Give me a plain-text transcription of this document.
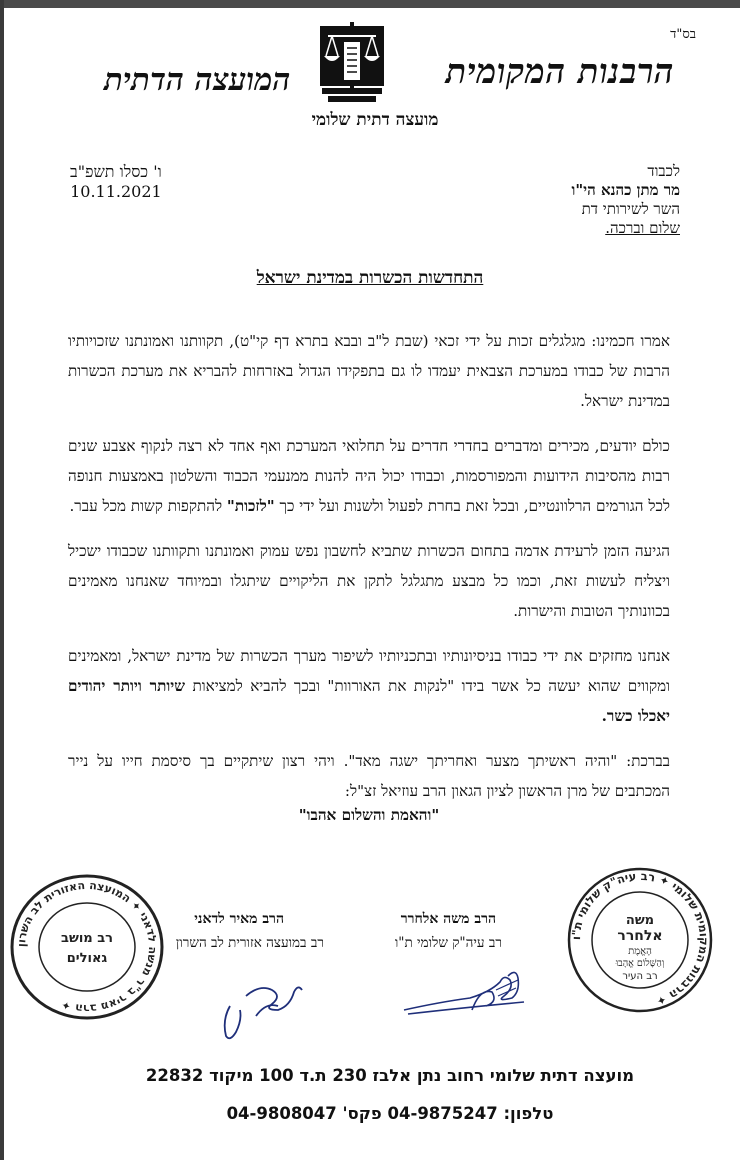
בס"ד
הרבנות המקומית
המועצה הדתית
מועצה דתית שלומי
לכבוד
מר מתן כהנא הי"ו
השר לשירותי דת
שלום וברכה.
ו' כסלו תשפ"ב
10.11.2021
התחדשות הכשרות במדינת ישראל

אמרו חכמינו: מגלגלים זכות על ידי זכאי (שבת ל"ב ובבא בתרא דף קי"ט), תקוותנו ואמונתנו שזכויותיו הרבות של כבודו במערכת הצבאית יעמדו לו גם בתפקידו הגדול באזרחות להבריא את מערכת הכשרות במדינת ישראל.

כולם יודעים, מכירים ומדברים בחדרי חדרים על תחלואי המערכת ואף אחד לא רצה לנקוף אצבע שנים רבות מהסיבות הידועות והמפורסמות, וכבודו יכול היה להנות ממנעמי הכבוד והשלטון באמצעות חנופה לכל הגורמים הרלוונטיים, ובכל זאת בחרת לפעול ולשנות ועל ידי כך "לזכות" להתקפות קשות מכל עבר.

הגיעה הזמן לרעידת אדמה בתחום הכשרות שתביא לחשבון נפש עמוק ואמונתנו ותקוותנו שכבודו ישכיל ויצליח לעשות זאת, וכמו כל מבצע מתגלגל לתקן את הליקויים שיתגלו ובמיוחד שאנחנו מאמינים בכוונותיך הטובות והישרות.

אנחנו מחזקים את ידי כבודו בניסיונותיו ובתכניותיו לשיפור מערך הכשרות של מדינת ישראל, ומאמינים ומקווים שהוא יעשה כל אשר בידו "לנקות את האורוות" ובכך להביא למציאות שיותר ויותר יהודים יאכלו כשר.

בברכת: "והיה ראשיתך מצער ואחריתך ישגה מאד". ויהי רצון שיתקיים בך סיסמת חייו על נייר המכתבים של מרן הראשון לציון הגאון הרב עוזיאל זצ"ל:

"והאמת והשלום אהבו"

הרבנות המקומית שלומי ✦ רב עיה"ק שלומי ת"ו ✦
משה
אלחרר
הָאֱמֶת
וְהַשָּׁלוֹם אֱהָבוּ
רב העיר
הרב משה אלחרר
רב עיה"ק שלומי ת"ו
הרב מאיר לדאני
רב במועצה אזורית לב השרון
הרב מאיר ב"ר מנשה לדאני ✦ המועצה האזורית לב השרון ✦
רב מושב
גאולים
מועצה דתית שלומי רחוב נתן אלבז 230 ת.ד 100 מיקוד 22832
טלפון: 04-9875247 פקס' 04-9808047
